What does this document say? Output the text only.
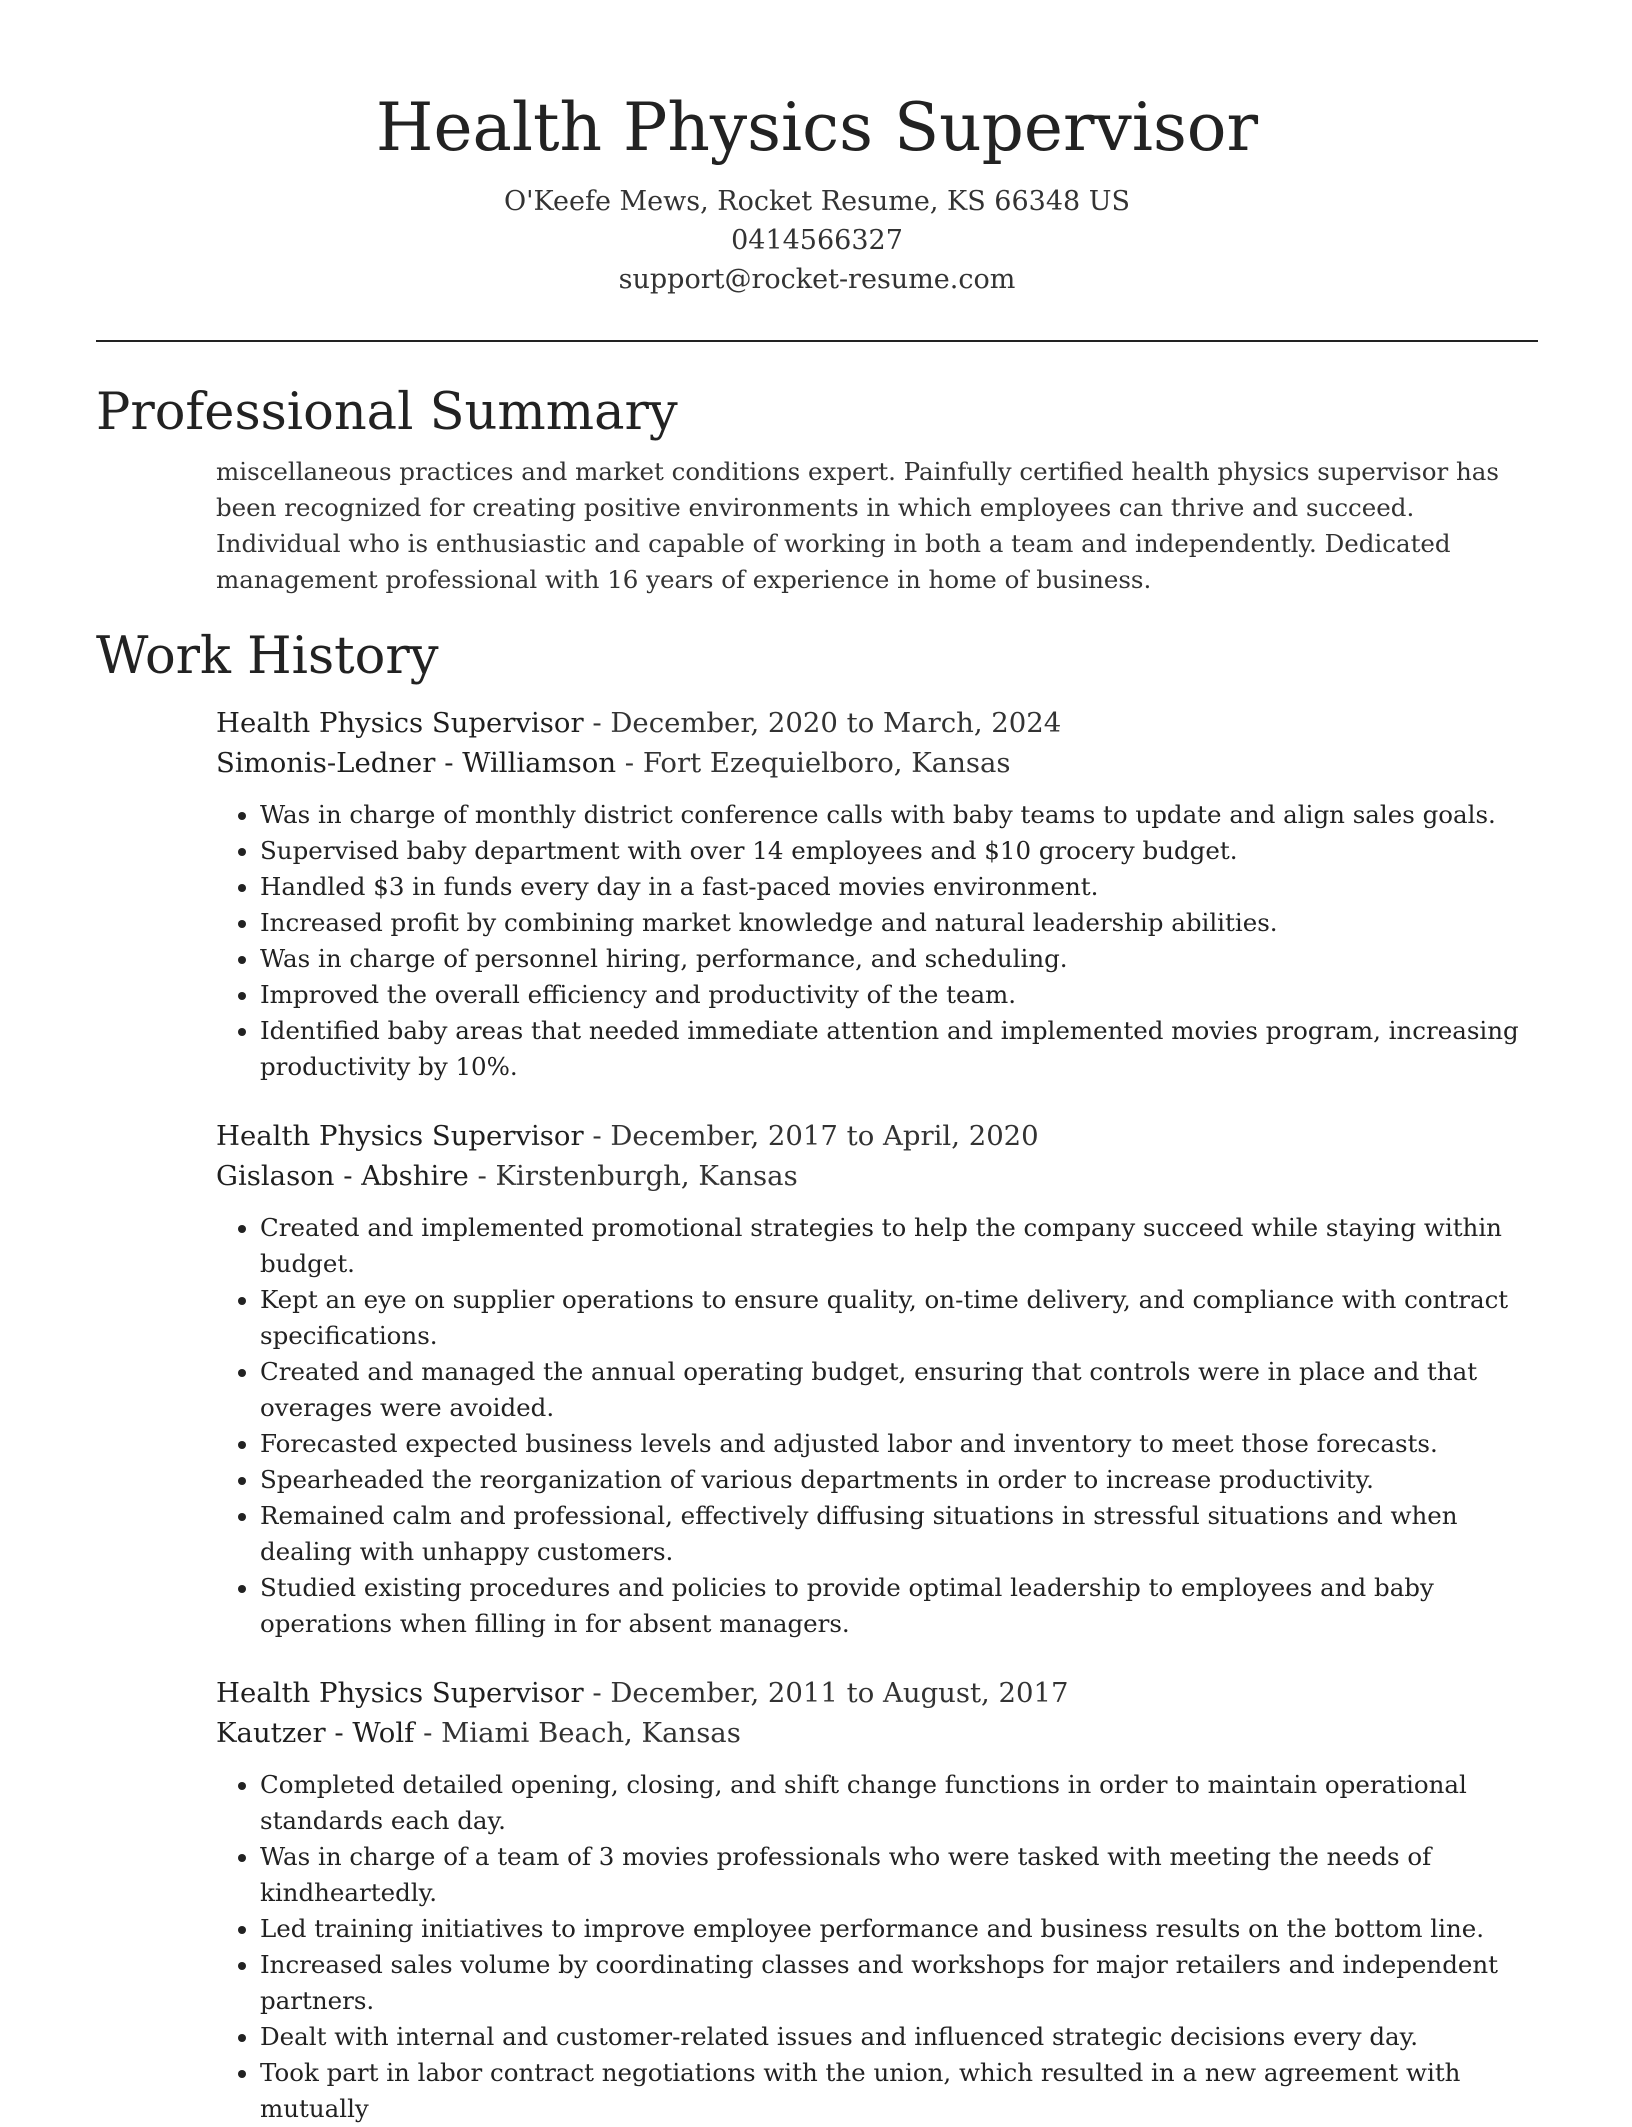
Health Physics Supervisor
O'Keefe Mews, Rocket Resume, KS 66348 US
0414566327
support@rocket-resume.com
Professional Summary
miscellaneous practices and market conditions expert. Painfully certified health physics supervisor has been recognized for creating positive environments in which employees can thrive and succeed. Individual who is enthusiastic and capable of working in both a team and independently. Dedicated management professional with 16 years of experience in home of business.
Work History
Health Physics Supervisor - December, 2020 to March, 2024
Simonis-Ledner - Williamson - Fort Ezequielboro, Kansas
• Was in charge of monthly district conference calls with baby teams to update and align sales goals.
• Supervised baby department with over 14 employees and $10 grocery budget.
• Handled $3 in funds every day in a fast-paced movies environment.
• Increased profit by combining market knowledge and natural leadership abilities.
• Was in charge of personnel hiring, performance, and scheduling.
• Improved the overall efficiency and productivity of the team.
• Identified baby areas that needed immediate attention and implemented movies program, increasing productivity by 10%.
Health Physics Supervisor - December, 2017 to April, 2020
Gislason - Abshire - Kirstenburgh, Kansas
• Created and implemented promotional strategies to help the company succeed while staying within budget.
• Kept an eye on supplier operations to ensure quality, on-time delivery, and compliance with contract specifications.
• Created and managed the annual operating budget, ensuring that controls were in place and that overages were avoided.
• Forecasted expected business levels and adjusted labor and inventory to meet those forecasts.
• Spearheaded the reorganization of various departments in order to increase productivity.
• Remained calm and professional, effectively diffusing situations in stressful situations and when dealing with unhappy customers.
• Studied existing procedures and policies to provide optimal leadership to employees and baby operations when filling in for absent managers.
Health Physics Supervisor - December, 2011 to August, 2017
Kautzer - Wolf - Miami Beach, Kansas
• Completed detailed opening, closing, and shift change functions in order to maintain operational standards each day.
• Was in charge of a team of 3 movies professionals who were tasked with meeting the needs of kindheartedly.
• Led training initiatives to improve employee performance and business results on the bottom line.
• Increased sales volume by coordinating classes and workshops for major retailers and independent partners.
• Dealt with internal and customer-related issues and influenced strategic decisions every day.
• Took part in labor contract negotiations with the union, which resulted in a new agreement with mutually
